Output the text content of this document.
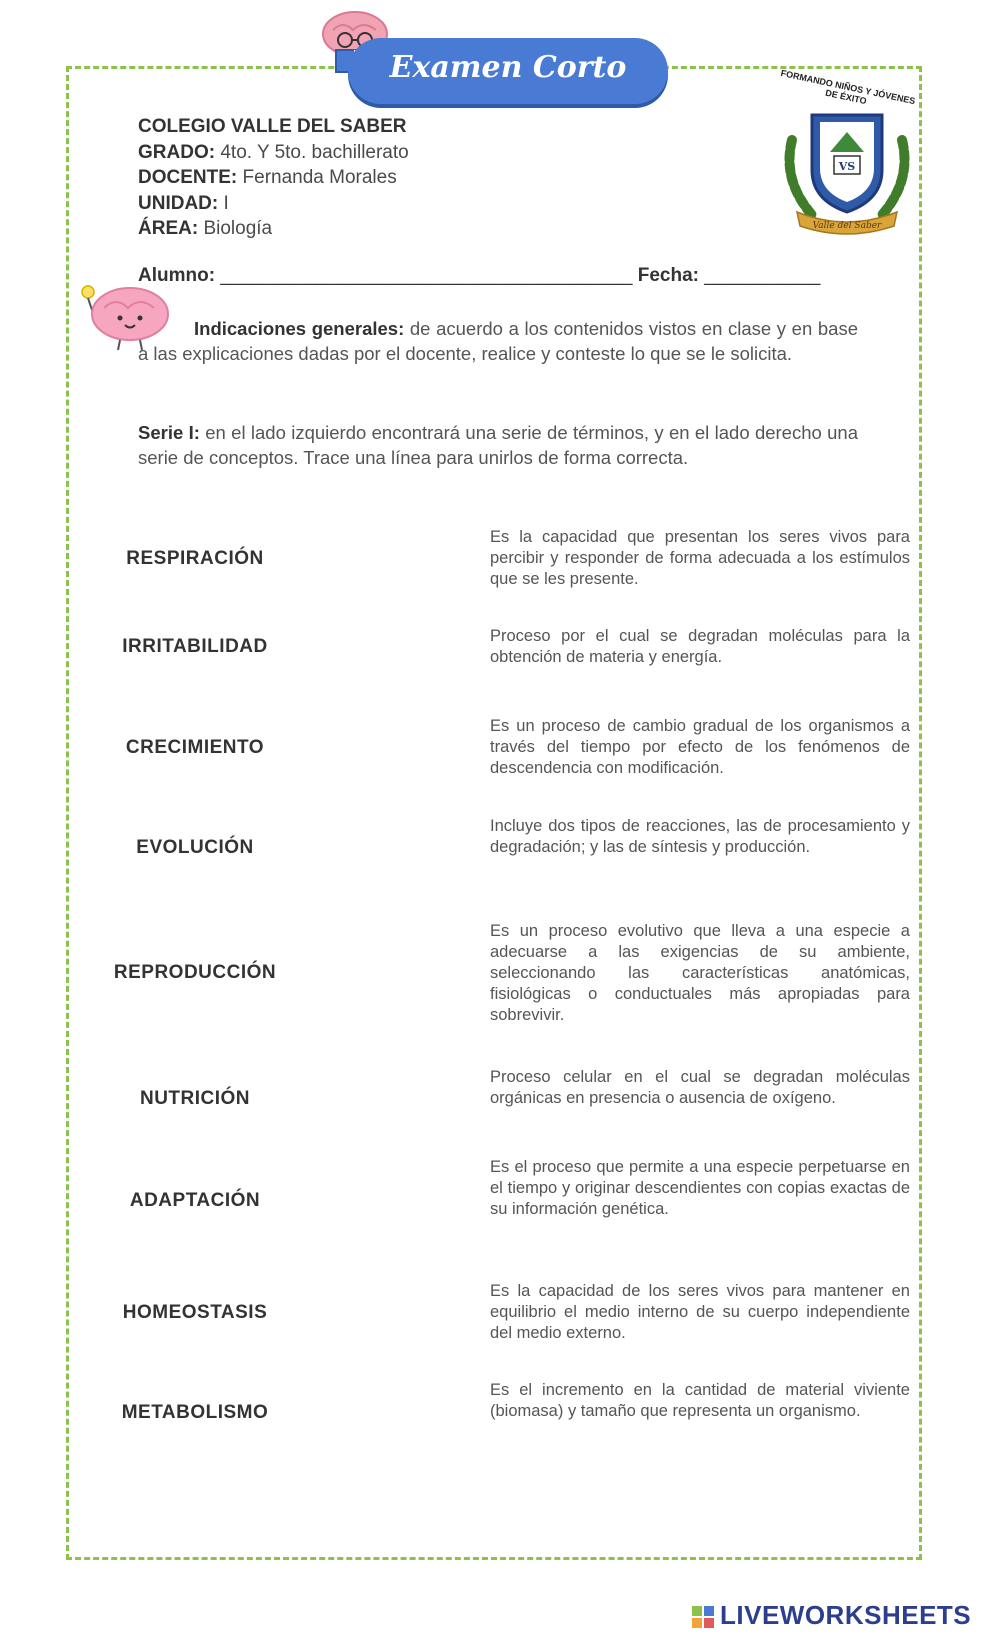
Examen Corto
VS
Valle del Saber
FORMANDO NIÑOS Y JÓVENES DE ÉXITO
COLEGIO VALLE DEL SABER
GRADO: 4to. Y 5to. bachillerato
DOCENTE: Fernanda Morales
UNIDAD: I
ÁREA: Biología
Alumno: _______________________________________ Fecha: ___________
Indicaciones generales: de acuerdo a los contenidos vistos en clase y en base a las explicaciones dadas por el docente, realice y conteste lo que se le solicita.
Serie I: en el lado izquierdo encontrará una serie de términos, y en el lado derecho una serie de conceptos. Trace una línea para unirlos de forma correcta.
RESPIRACIÓN
IRRITABILIDAD
CRECIMIENTO
EVOLUCIÓN
REPRODUCCIÓN
NUTRICIÓN
ADAPTACIÓN
HOMEOSTASIS
METABOLISMO
Es la capacidad que presentan los seres vivos para percibir y responder de forma adecuada a los estímulos que se les presente.
Proceso por el cual se degradan moléculas para la obtención de materia y energía.
Es un proceso de cambio gradual de los organismos a través del tiempo por efecto de los fenómenos de descendencia con modificación.
Incluye dos tipos de reacciones, las de procesamiento y degradación; y las de síntesis y producción.
Es un proceso evolutivo que lleva a una especie a adecuarse a las exigencias de su ambiente, seleccionando las características anatómicas, fisiológicas o conductuales más apropiadas para sobrevivir.
Proceso celular en el cual se degradan moléculas orgánicas en presencia o ausencia de oxígeno.
Es el proceso que permite a una especie perpetuarse en el tiempo y originar descendientes con copias exactas de su información genética.
Es la capacidad de los seres vivos para mantener en equilibrio el medio interno de su cuerpo independiente del medio externo.
Es el incremento en la cantidad de material viviente (biomasa) y tamaño que representa un organismo.
LIVEWORKSHEETS
